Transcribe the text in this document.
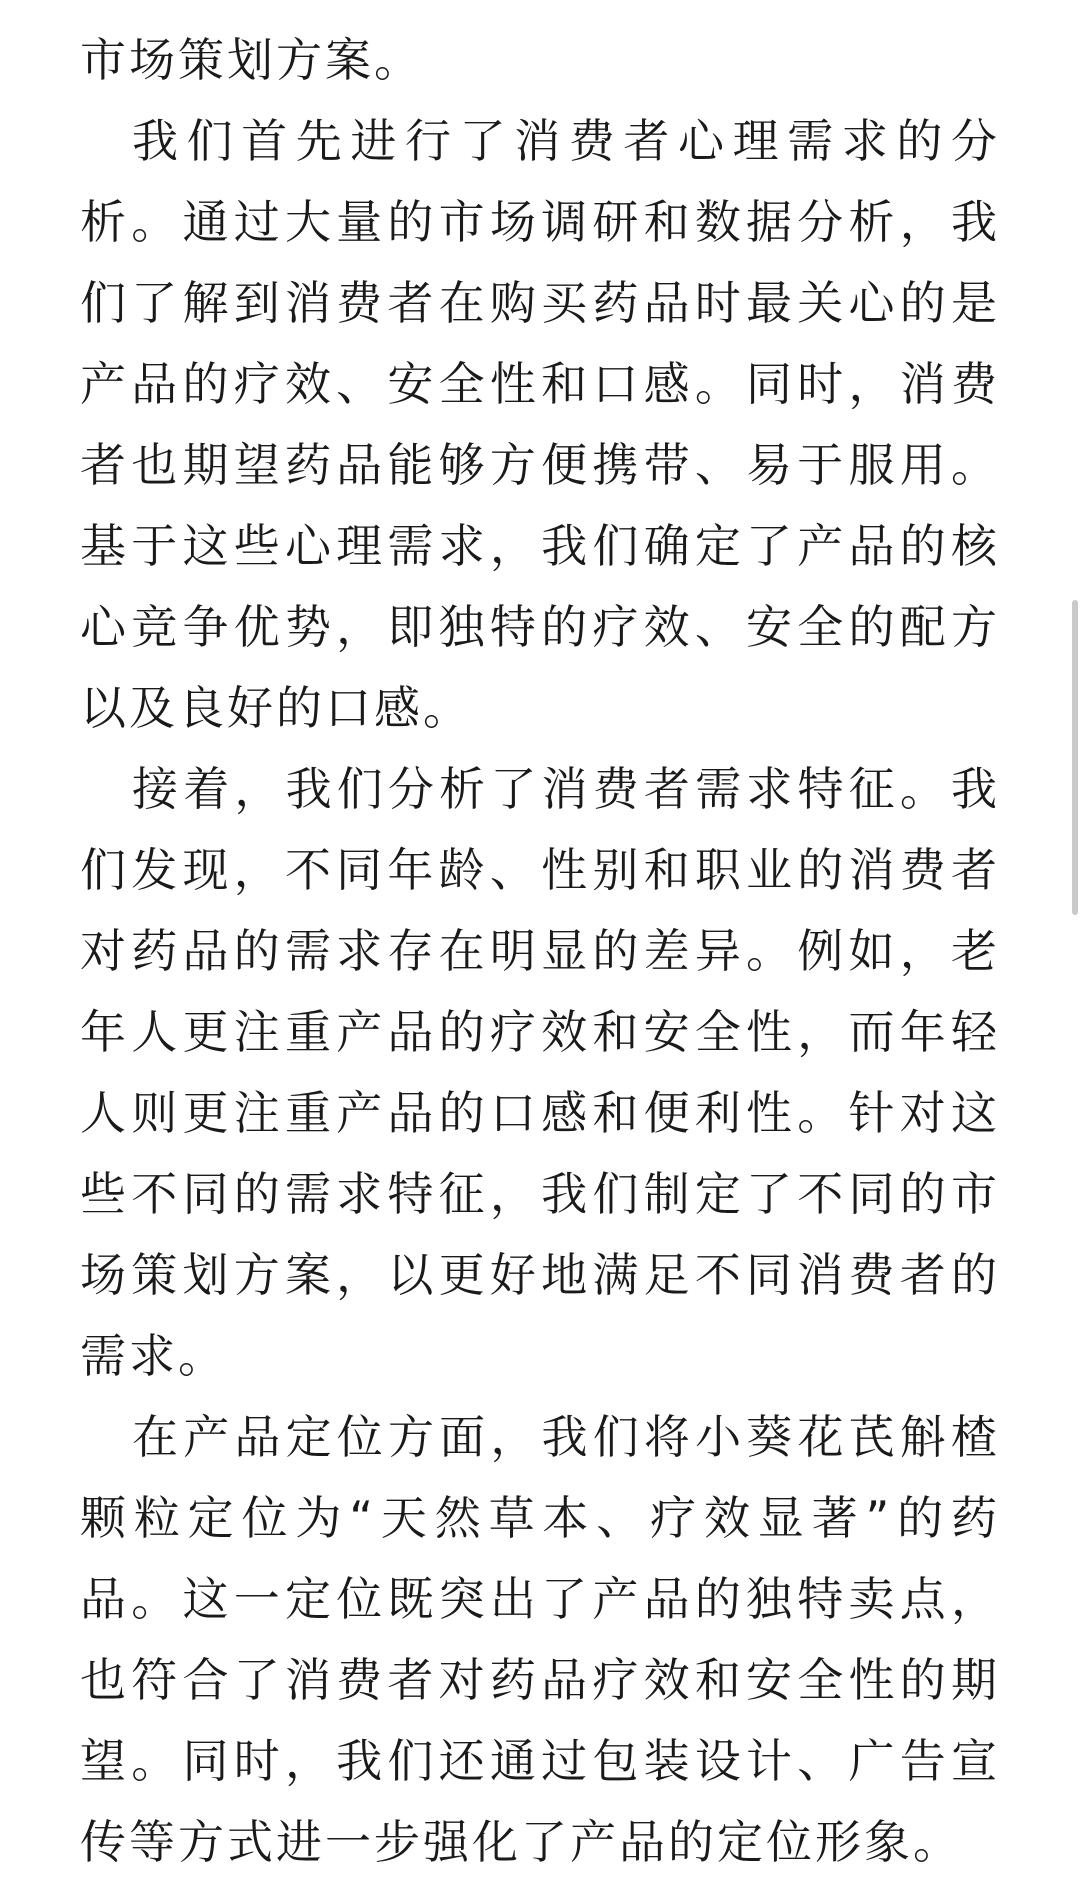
市场策划方案。

我们首先进行了消费者心理需求的分析。通过大量的市场调研和数据分析，我们了解到消费者在购买药品时最关心的是产品的疗效、安全性和口感。同时，消费者也期望药品能够方便携带、易于服用。基于这些心理需求，我们确定了产品的核心竞争优势，即独特的疗效、安全的配方以及良好的口感。

接着，我们分析了消费者需求特征。我们发现，不同年龄、性别和职业的消费者对药品的需求存在明显的差异。例如，老年人更注重产品的疗效和安全性，而年轻人则更注重产品的口感和便利性。针对这些不同的需求特征，我们制定了不同的市场策划方案，以更好地满足不同消费者的需求。

在产品定位方面，我们将小葵花芪斛楂颗粒定位为“天然草本、疗效显著”的药品。这一定位既突出了产品的独特卖点，也符合了消费者对药品疗效和安全性的期望。同时，我们还通过包装设计、广告宣传等方式进一步强化了产品的定位形象。
